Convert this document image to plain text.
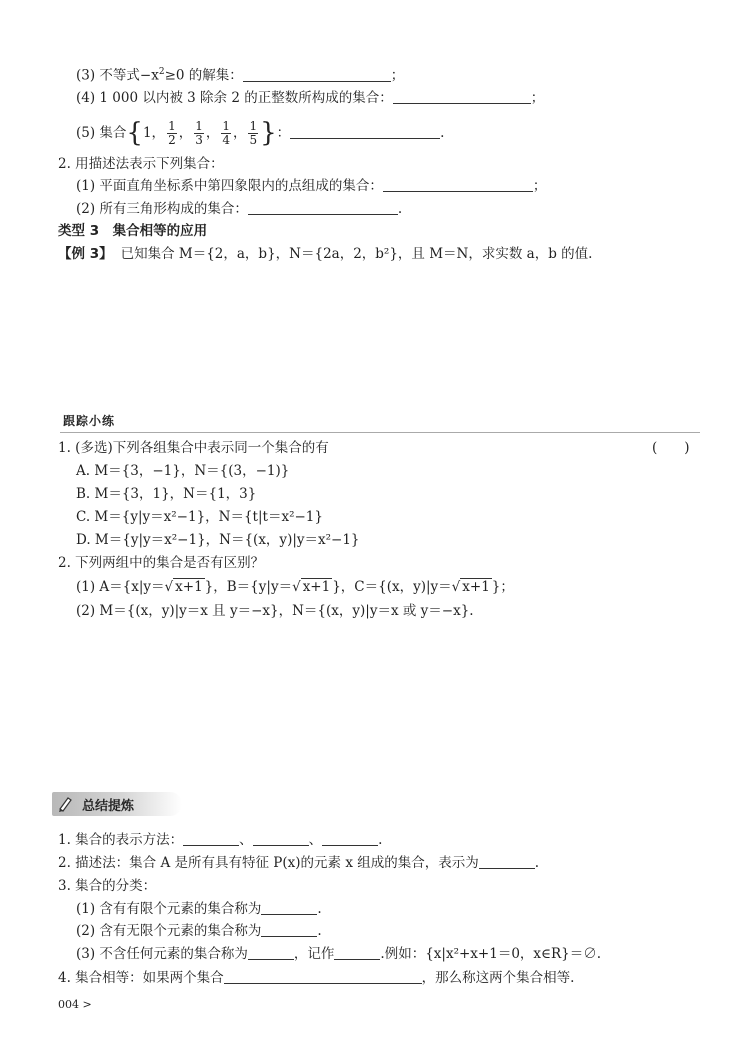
(3) 不等式$-x^2\ge 0$ 的解集：	；
(4) 1 000 以内被 3 除余 2 的正整数所构成的集合：	；
(5) 集合{1， $\frac{1}{2}$ ， $\frac{1}{3}$ ， $\frac{1}{4}$ ， $\frac{1}{5}$ }：	.
2. 用描述法表示下列集合：
(1) 平面直角坐标系中第四象限内的点组成的集合：	；
(2) 所有三角形构成的集合：	.
类型 3　集合相等的应用
【例 3】 已知集合 M＝{2，a，b}，N＝{2a，2，b²}，且 M＝N，求实数 a，b 的值.
跟踪小练
1. (多选)下列各组集合中表示同一个集合的有	(　　)
A. M＝{3，−1}，N＝{(3，−1)}
B. M＝{3，1}，N＝{1，3}
C. M＝{y|y＝x²−1}，N＝{t|t＝x²−1}
D. M＝{y|y＝x²−1}，N＝{(x，y)|y＝x²−1}
2. 下列两组中的集合是否有区别？
(1) A＝{x|y＝√ x+1 }，B＝{y|y＝√ x+1 }，C＝{(x，y)|y＝√ x+1 }；
(2) M＝{(x，y)|y＝x 且 y＝−x}，N＝{(x，y)|y＝x 或 y＝−x}.
总结提炼
1. 集合的表示方法：	、	、	.
2. 描述法：集合 A 是所有具有特征 P(x)的元素 x 组成的集合，表示为	.
3. 集合的分类：
(1) 含有有限个元素的集合称为	.
(2) 含有无限个元素的集合称为	.
(3) 不含任何元素的集合称为	，记作	.例如：{x|x²+x+1＝0，x∈R}＝∅.
4. 集合相等：如果两个集合	，那么称这两个集合相等.
004 >
